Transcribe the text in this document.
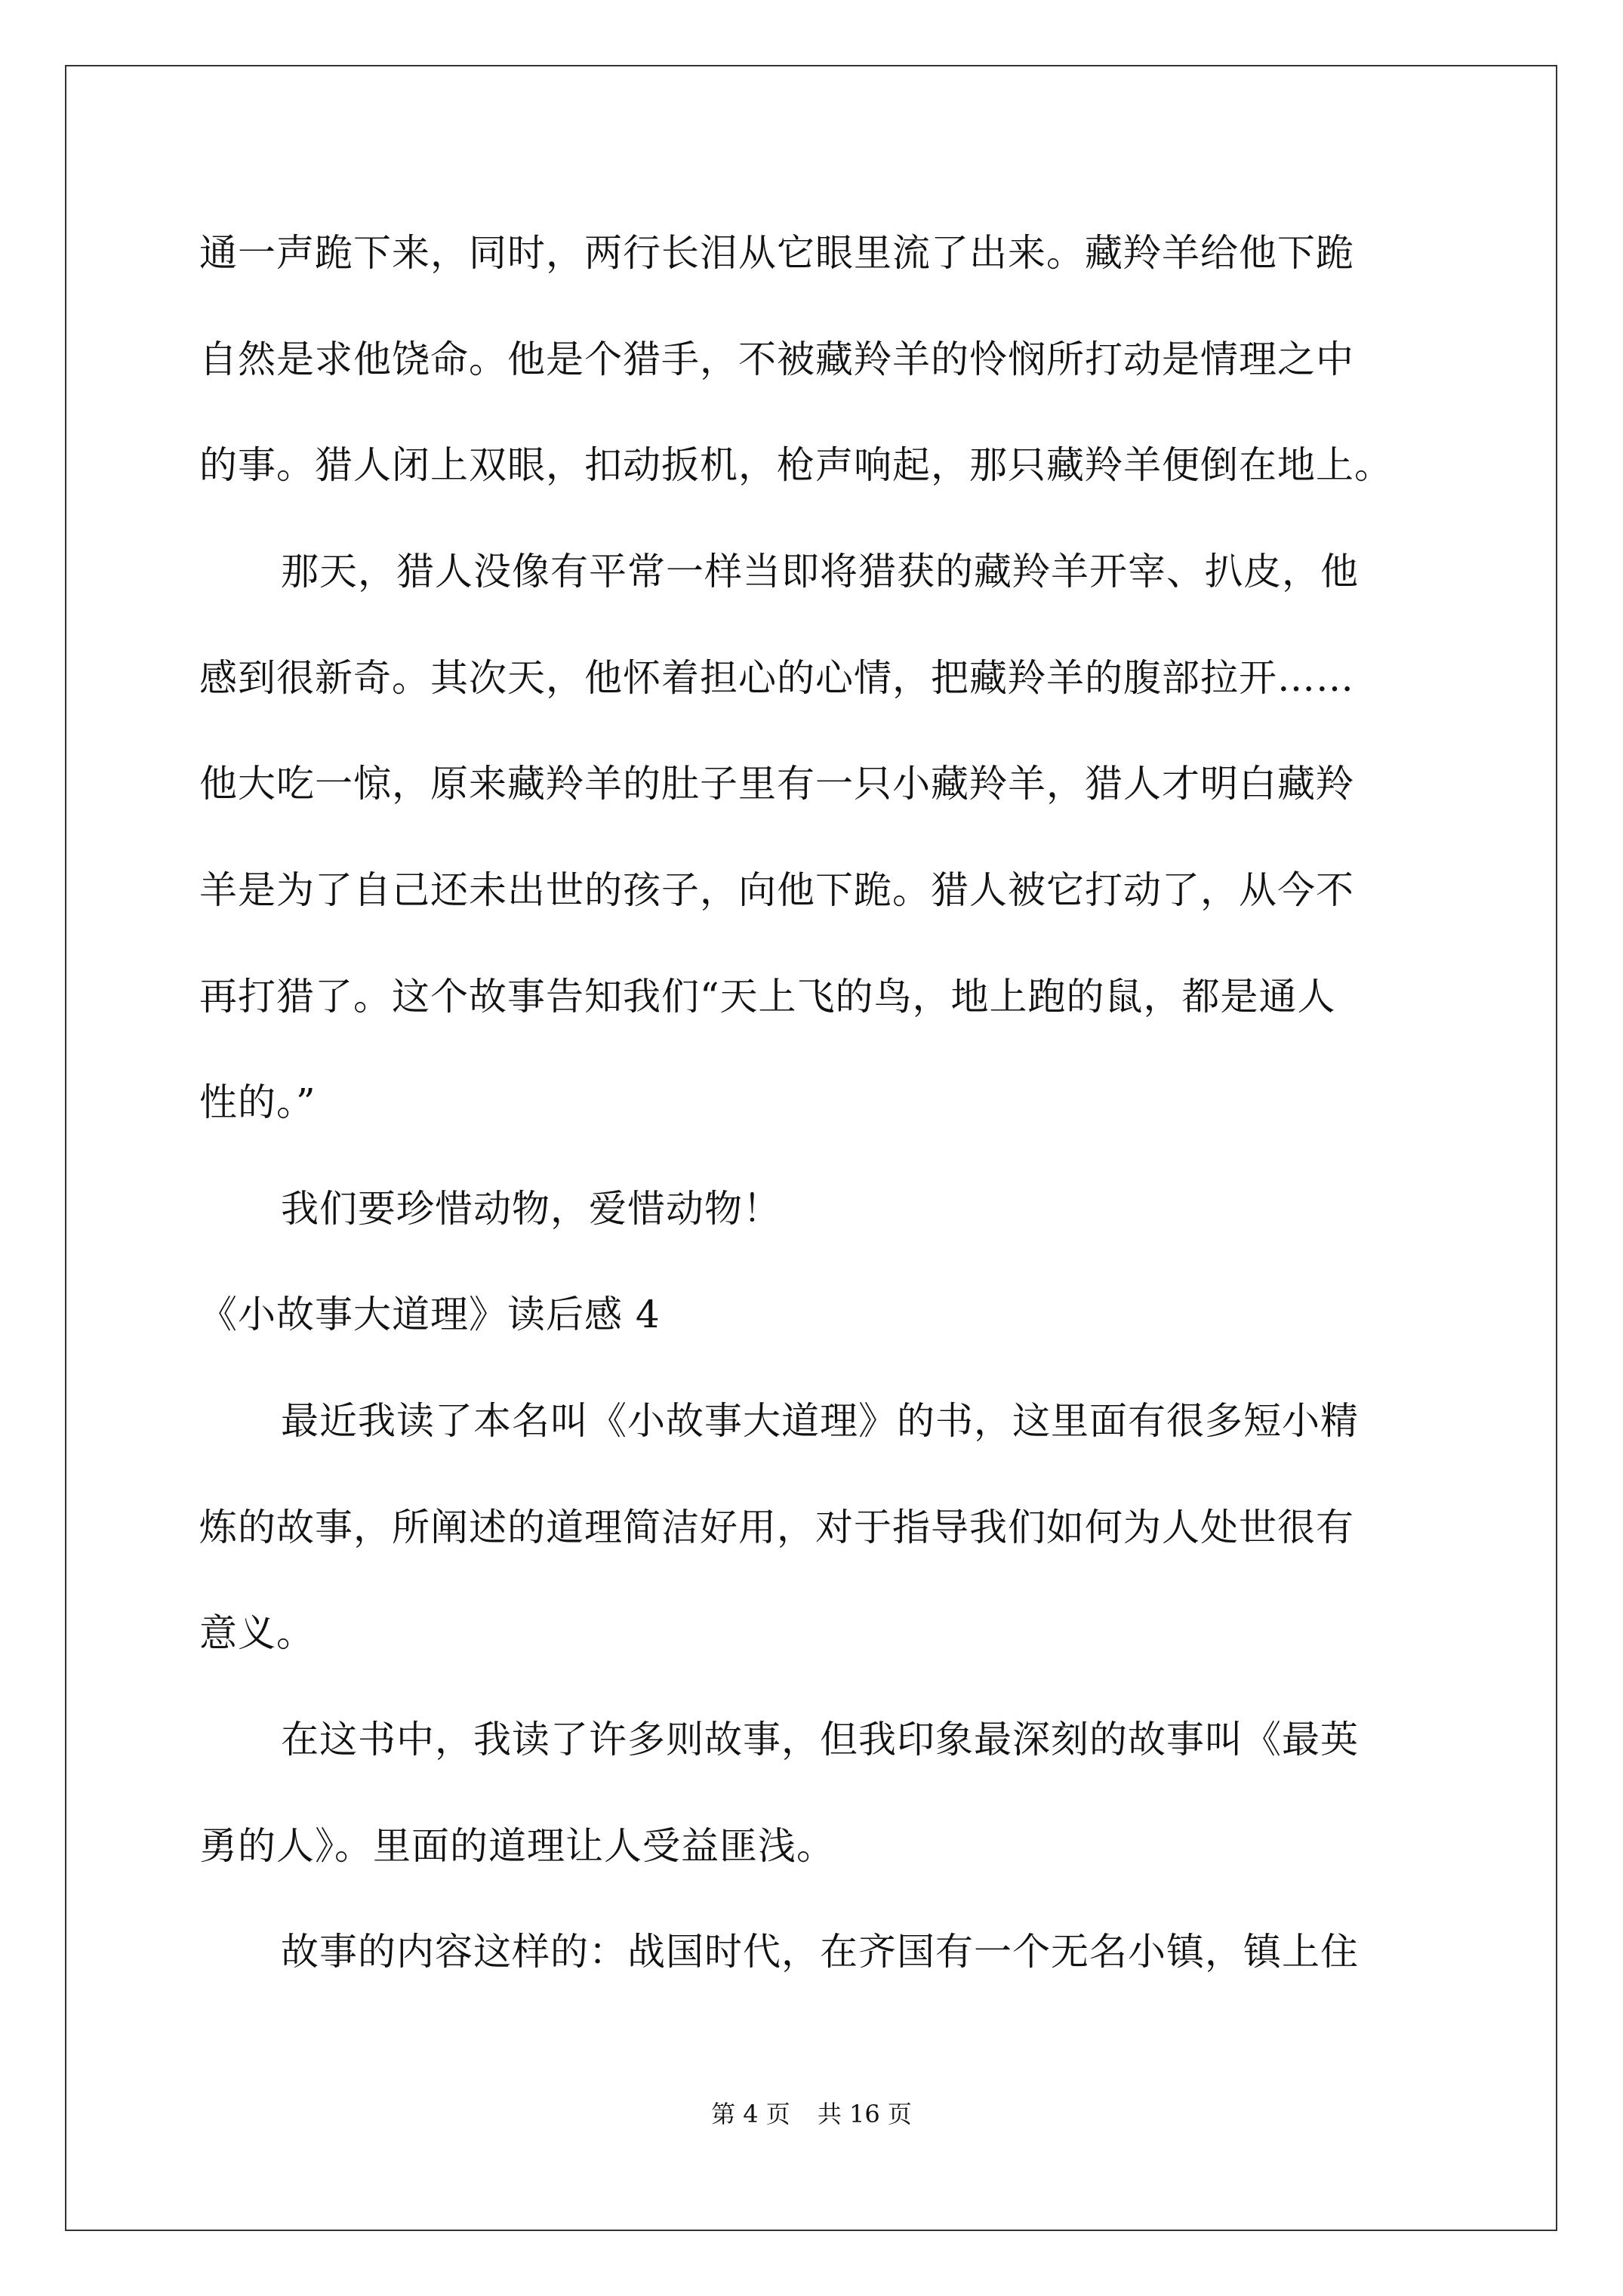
通一声跪下来，同时，两行长泪从它眼里流了出来。藏羚羊给他下跪
自然是求他饶命。他是个猎手，不被藏羚羊的怜悯所打动是情理之中
的事。猎人闭上双眼，扣动扳机，枪声响起，那只藏羚羊便倒在地上。
那天，猎人没像有平常一样当即将猎获的藏羚羊开宰、扒皮，他
感到很新奇。其次天，他怀着担心的心情，把藏羚羊的腹部拉开……
他大吃一惊，原来藏羚羊的肚子里有一只小藏羚羊，猎人才明白藏羚
羊是为了自己还未出世的孩子，向他下跪。猎人被它打动了，从今不
再打猎了。这个故事告知我们“天上飞的鸟，地上跑的鼠，都是通人
性的。”
我们要珍惜动物，爱惜动物！
《小故事大道理》读后感 4
最近我读了本名叫《小故事大道理》的书，这里面有很多短小精
炼的故事，所阐述的道理简洁好用，对于指导我们如何为人处世很有
意义。
在这书中，我读了许多则故事，但我印象最深刻的故事叫《最英
勇的人》。里面的道理让人受益匪浅。
故事的内容这样的：战国时代，在齐国有一个无名小镇，镇上住
第 4 页 共 16 页
